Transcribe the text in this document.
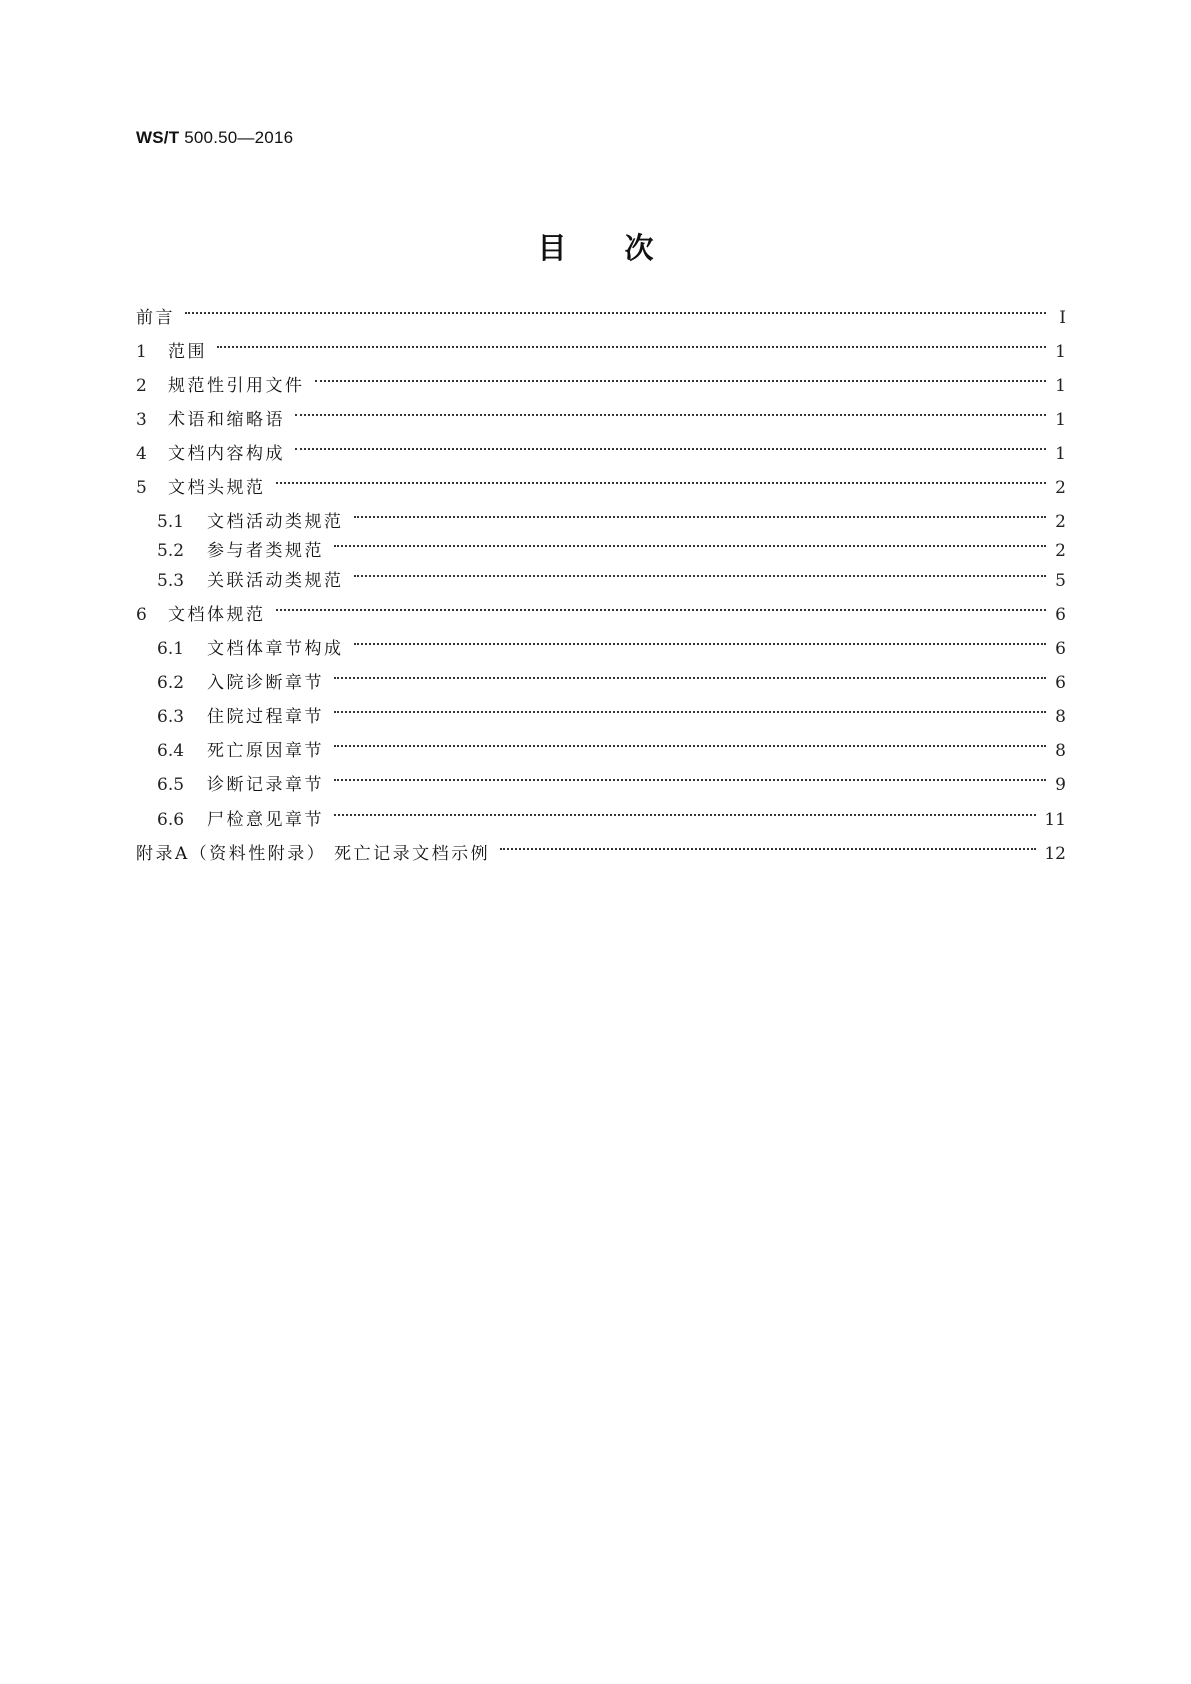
WS/T 500.50—2016
目次
前言	Ⅰ
1	范围	1
2	规范性引用文件	1
3	术语和缩略语	1
4	文档内容构成	1
5	文档头规范	2
5.1	文档活动类规范	2
5.2	参与者类规范	2
5.3	关联活动类规范	5
6	文档体规范	6
6.1	文档体章节构成	6
6.2	入院诊断章节	6
6.3	住院过程章节	8
6.4	死亡原因章节	8
6.5	诊断记录章节	9
6.6	尸检意见章节	11
附录A（资料性附录） 死亡记录文档示例	12
